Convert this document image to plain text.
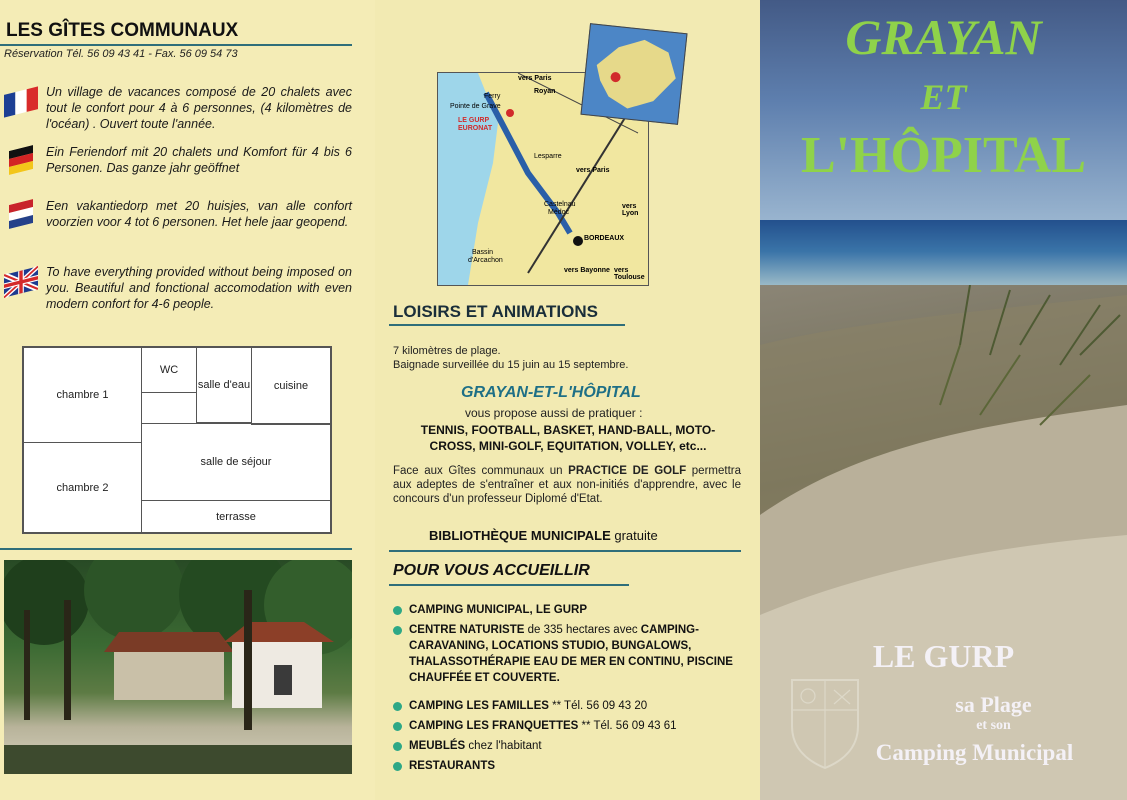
LES GÎTES COMMUNAUX
Réservation Tél. 56 09 43 41 - Fax. 56 09 54 73
Un village de vacances composé de 20 chalets avec tout le confort pour 4 à 6 personnes, (4 kilomètres de l'océan) . Ouvert toute l'année.
Ein Feriendorf mit 20 chalets und Komfort für 4 bis 6 Personen. Das ganze jahr geöffnet
Een vakantiedorp met 20 huisjes, van alle confort voorzien voor 4 tot 6 personen. Het hele jaar geopend.
To have everything provided without being imposed on you. Beautiful and fonctional accomodation with even modern confort for 4-6 people.
chambre 1
WC
salle d'eau cuisine
salle de séjour
chambre 2
terrasse
vers Paris
Royan
Ferry
Pointe de Grave
LE GURP
EURONAT
Lesparre
vers Paris
Castelnau
Médoc
vers Lyon
BORDEAUX
Bassin
d'Arcachon
vers Bayonne vers Toulouse
LOISIRS ET ANIMATIONS
7 kilomètres de plage.
Baignade surveillée du 15 juin au 15 septembre.
GRAYAN-ET-L'HÔPITAL
vous propose aussi de pratiquer :
TENNIS, FOOTBALL, BASKET, HAND-BALL, MOTO-
CROSS, MINI-GOLF, EQUITATION, VOLLEY, etc...
Face aux Gîtes communaux un PRACTICE DE GOLF permettra aux adeptes de s'entraîner et aux non-initiés d'apprendre, avec le concours d'un professeur Diplomé d'Etat.
BIBLIOTHÈQUE MUNICIPALE gratuite
POUR VOUS ACCUEILLIR
CAMPING MUNICIPAL, LE GURP
CENTRE NATURISTE de 335 hectares avec CAMPING-CARAVANING, LOCATIONS STUDIO, BUNGALOWS, THALASSOTHÉRAPIE EAU DE MER EN CONTINU, PISCINE CHAUFFÉE ET COUVERTE.
CAMPING LES FAMILLES ** Tél. 56 09 43 20
CAMPING LES FRANQUETTES ** Tél. 56 09 43 61
MEUBLÉS chez l'habitant
RESTAURANTS
GRAYAN
ET
L'HÔPITAL
LE GURP
sa Plage
et son
Camping Municipal
